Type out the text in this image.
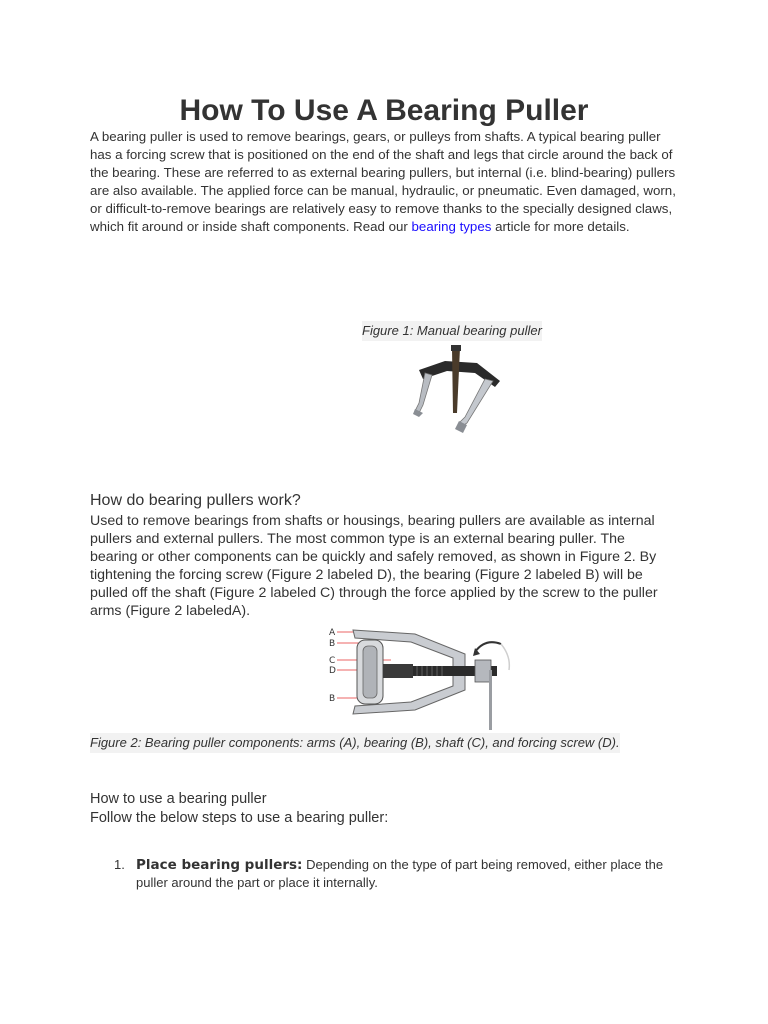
How To Use A Bearing Puller

A bearing puller is used to remove bearings, gears, or pulleys from shafts. A typical bearing puller has a forcing screw that is positioned on the end of the shaft and legs that circle around the back of the bearing. These are referred to as external bearing pullers, but internal (i.e. blind-bearing) pullers are also available. The applied force can be manual, hydraulic, or pneumatic. Even damaged, worn, or difficult-to-remove bearings are relatively easy to remove thanks to the specially designed claws, which fit around or inside shaft components. Read our bearing types article for more details.

Figure 1: Manual bearing puller
How do bearing pullers work?

Used to remove bearings from shafts or housings, bearing pullers are available as internal pullers and external pullers. The most common type is an external bearing puller. The bearing or other components can be quickly and safely removed, as shown in Figure 2. By tightening the forcing screw (Figure 2 labeled D), the bearing (Figure 2 labeled B) will be pulled off the shaft (Figure 2 labeled C) through the force applied by the screw to the puller arms (Figure 2 labeledA).

A
B
C
D
B
Figure 2: Bearing puller components: arms (A), bearing (B), shaft (C), and forcing screw (D).
How to use a bearing puller

Follow the below steps to use a bearing puller:

1. Place bearing pullers: Depending on the type of part being removed, either place the puller around the part or place it internally.
